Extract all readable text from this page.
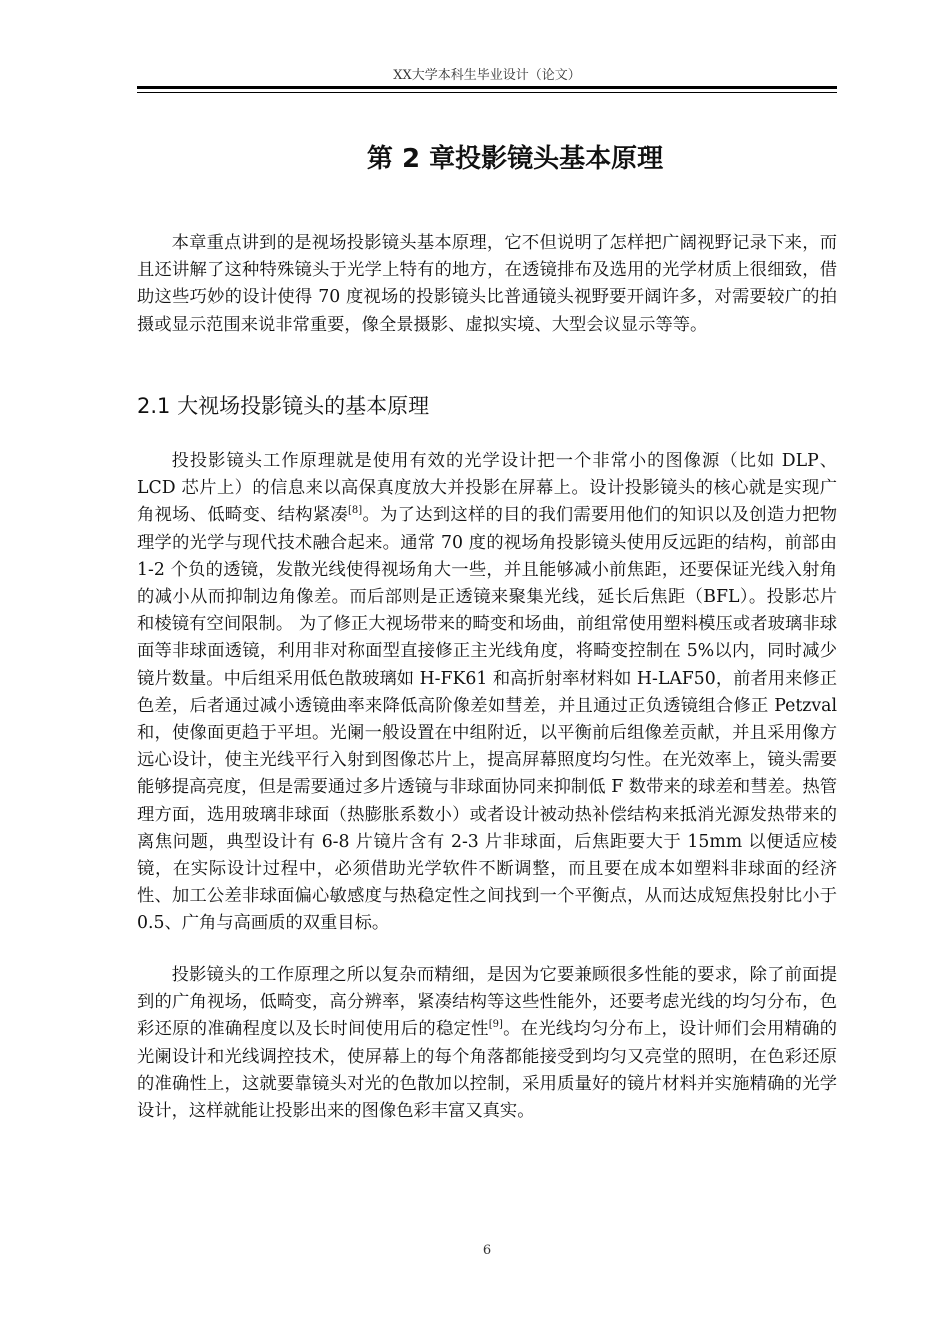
XX大学本科生毕业设计（论文）
第 2 章投影镜头基本原理

本章重点讲到的是视场投影镜头基本原理，它不但说明了怎样把广阔视野记录下来，而且还讲解了这种特殊镜头于光学上特有的地方，在透镜排布及选用的光学材质上很细致，借助这些巧妙的设计使得 70 度视场的投影镜头比普通镜头视野要开阔许多，对需要较广的拍摄或显示范围来说非常重要，像全景摄影、虚拟实境、大型会议显示等等。

2.1 大视场投影镜头的基本原理

投投影镜头工作原理就是使用有效的光学设计把一个非常小的图像源（比如 DLP、LCD 芯片上）的信息来以高保真度放大并投影在屏幕上。设计投影镜头的核心就是实现广角视场、低畸变、结构紧凑[8]。为了达到这样的目的我们需要用他们的知识以及创造力把物理学的光学与现代技术融合起来。通常 70 度的视场角投影镜头使用反远距的结构，前部由 1-2 个负的透镜，发散光线使得视场角大一些，并且能够减小前焦距，还要保证光线入射角的减小从而抑制边角像差。而后部则是正透镜来聚集光线，延长后焦距（BFL）。投影芯片和棱镜有空间限制。 为了修正大视场带来的畸变和场曲，前组常使用塑料模压或者玻璃非球面等非球面透镜，利用非对称面型直接修正主光线角度，将畸变控制在 5%以内，同时减少镜片数量。中后组采用低色散玻璃如 H-FK61 和高折射率材料如 H-LAF50，前者用来修正色差，后者通过减小透镜曲率来降低高阶像差如彗差，并且通过正负透镜组合修正 Petzval 和，使像面更趋于平坦。光阑一般设置在中组附近，以平衡前后组像差贡献，并且采用像方远心设计，使主光线平行入射到图像芯片上，提高屏幕照度均匀性。在光效率上，镜头需要能够提高亮度，但是需要通过多片透镜与非球面协同来抑制低 F 数带来的球差和彗差。热管理方面，选用玻璃非球面（热膨胀系数小）或者设计被动热补偿结构来抵消光源发热带来的离焦问题，典型设计有 6-8 片镜片含有 2-3 片非球面，后焦距要大于 15mm 以便适应棱镜，在实际设计过程中，必须借助光学软件不断调整，而且要在成本如塑料非球面的经济性、加工公差非球面偏心敏感度与热稳定性之间找到一个平衡点，从而达成短焦投射比小于 0.5、广角与高画质的双重目标。

投影镜头的工作原理之所以复杂而精细，是因为它要兼顾很多性能的要求，除了前面提到的广角视场，低畸变，高分辨率，紧凑结构等这些性能外，还要考虑光线的均匀分布，色彩还原的准确程度以及长时间使用后的稳定性[9]。在光线均匀分布上，设计师们会用精确的光阑设计和光线调控技术，使屏幕上的每个角落都能接受到均匀又亮堂的照明，在色彩还原的准确性上，这就要靠镜头对光的色散加以控制，采用质量好的镜片材料并实施精确的光学设计，这样就能让投影出来的图像色彩丰富又真实。

6
